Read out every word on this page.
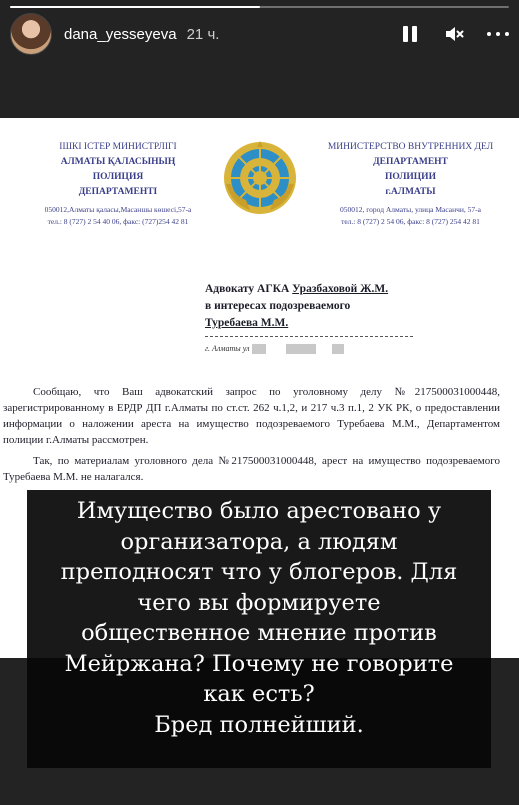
dana_yesseyeva 21 ч.
ІШКІ ІСТЕР МИНИСТРЛІГІ
АЛМАТЫ ҚАЛАСЫНЫҢ
ПОЛИЦИЯ
ДЕПАРТАМЕНТІ
050012,Алматы қаласы,Масаншы көшесі,57-а
тел.: 8 (727) 2 54 40 06, факс: (727)254 42 81
МИНИСТЕРСТВО ВНУТРЕННИХ ДЕЛ
ДЕПАРТАМЕНТ
ПОЛИЦИИ
г.АЛМАТЫ
050012, город Алматы, улица Масанчи, 57-а
тел.: 8 (727) 2 54 06, факс: 8 (727) 254 42 81
Адвокату АГКА Уразбаховой Ж.М.
в интересах подозреваемого
Туребаева М.М.
г. Алматы ул

Сообщаю, что Ваш адвокатский запрос по уголовному делу №217500031000448, зарегистрированному в ЕРДР ДП г.Алматы по ст.ст. 262 ч.1,2, и 217 ч.3 п.1, 2 УК РК, о предоставлении информации о наложении ареста на имущество подозреваемого Туребаева М.М., Департаментом полиции г.Алматы рассмотрен.

Так, по материалам уголовного дела №217500031000448, арест на имущество подозреваемого Туребаева М.М. не налагался.

Имущество было арестовано у
организатора, а людям
преподносят что у блогеров. Для
чего вы формируете
общественное мнение против
Мейржана? Почему не говорите
как есть?
Бред полнейший.
